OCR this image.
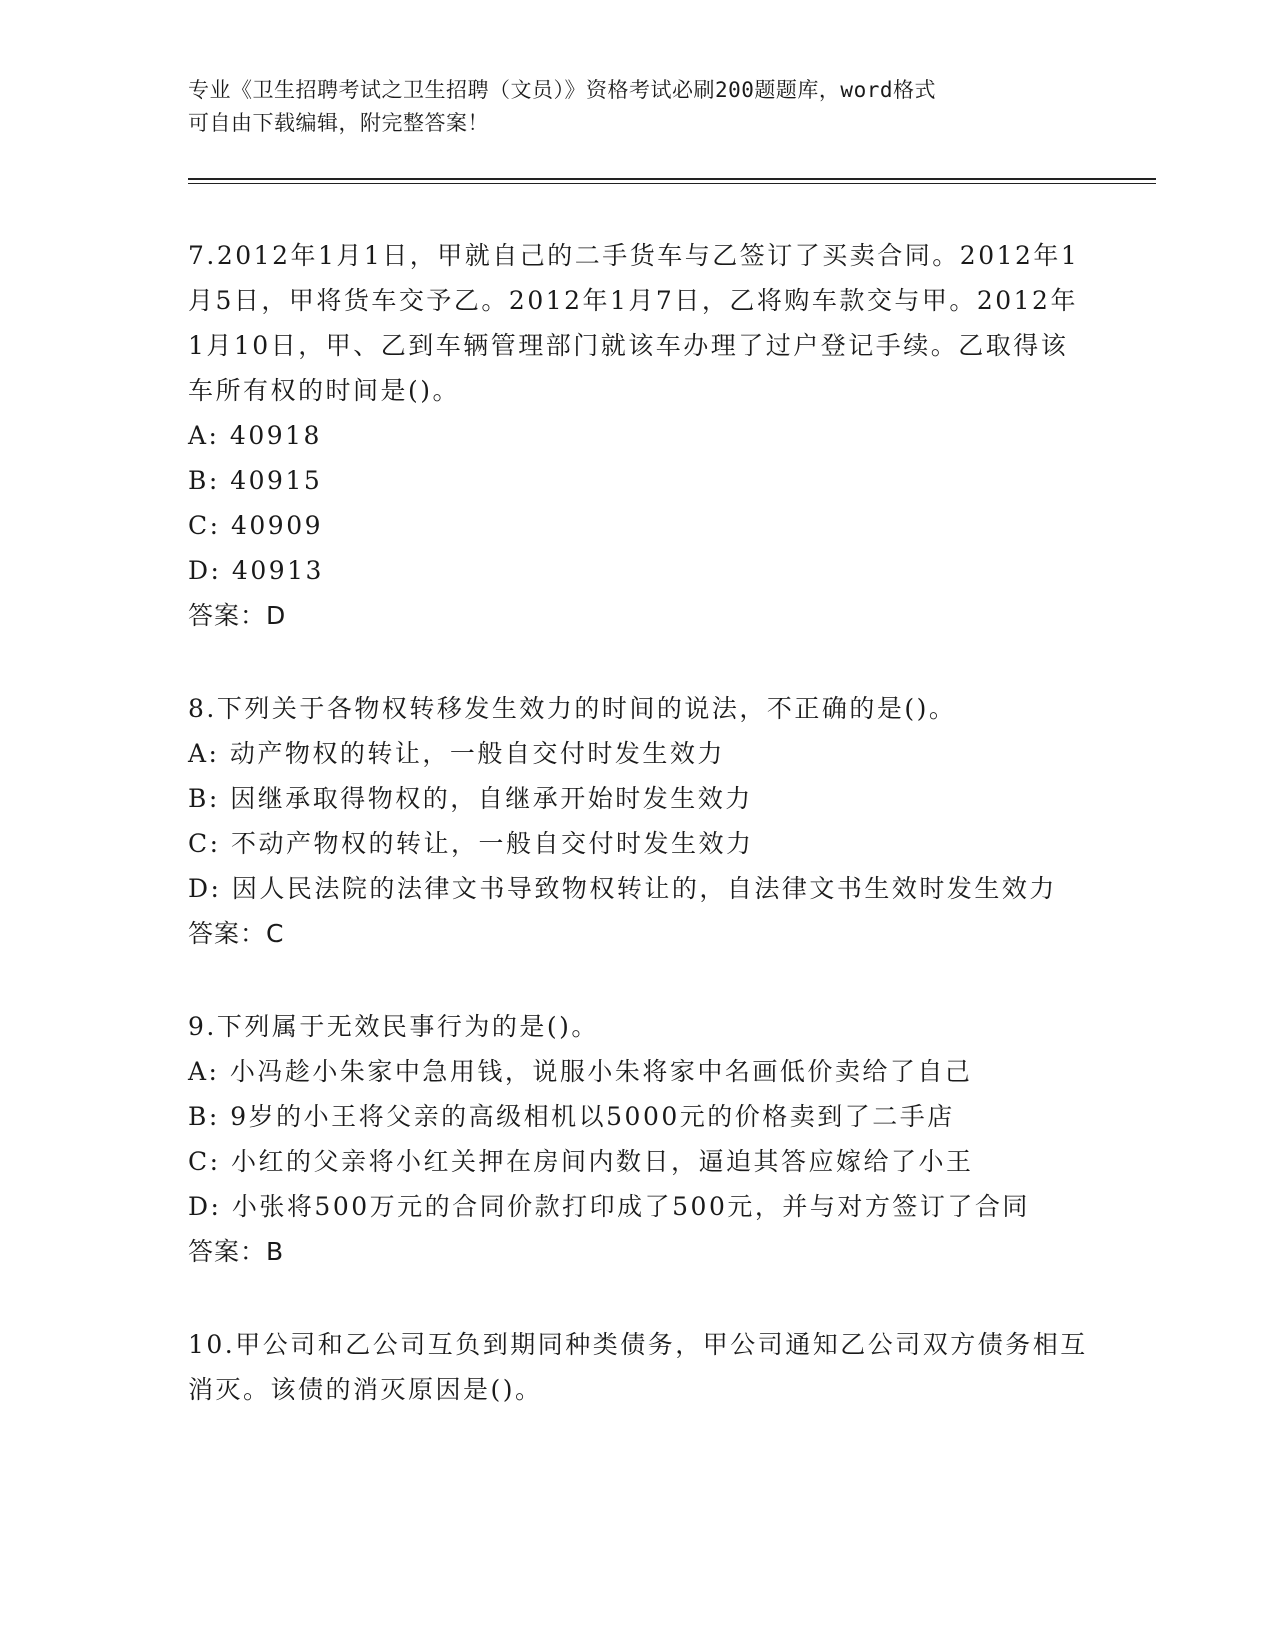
专业《卫生招聘考试之卫生招聘（文员）》资格考试必刷200题题库，word格式
可自由下载编辑，附完整答案！

7.2012年1月1日，甲就自己的二手货车与乙签订了买卖合同。2012年1月5日，甲将货车交予乙。2012年1月7日，乙将购车款交与甲。2012年1月10日，甲、乙到车辆管理部门就该车办理了过户登记手续。乙取得该车所有权的时间是()。

A: 40918
B: 40915
C: 40909
D: 40913

答案：D

8.下列关于各物权转移发生效力的时间的说法，不正确的是()。

A: 动产物权的转让，一般自交付时发生效力
B: 因继承取得物权的，自继承开始时发生效力
C: 不动产物权的转让，一般自交付时发生效力
D: 因人民法院的法律文书导致物权转让的，自法律文书生效时发生效力

答案：C

9.下列属于无效民事行为的是()。

A: 小冯趁小朱家中急用钱，说服小朱将家中名画低价卖给了自己
B: 9岁的小王将父亲的高级相机以5000元的价格卖到了二手店
C: 小红的父亲将小红关押在房间内数日，逼迫其答应嫁给了小王
D: 小张将500万元的合同价款打印成了500元，并与对方签订了合同

答案：B

10.甲公司和乙公司互负到期同种类债务，甲公司通知乙公司双方债务相互消灭。该债的消灭原因是()。
